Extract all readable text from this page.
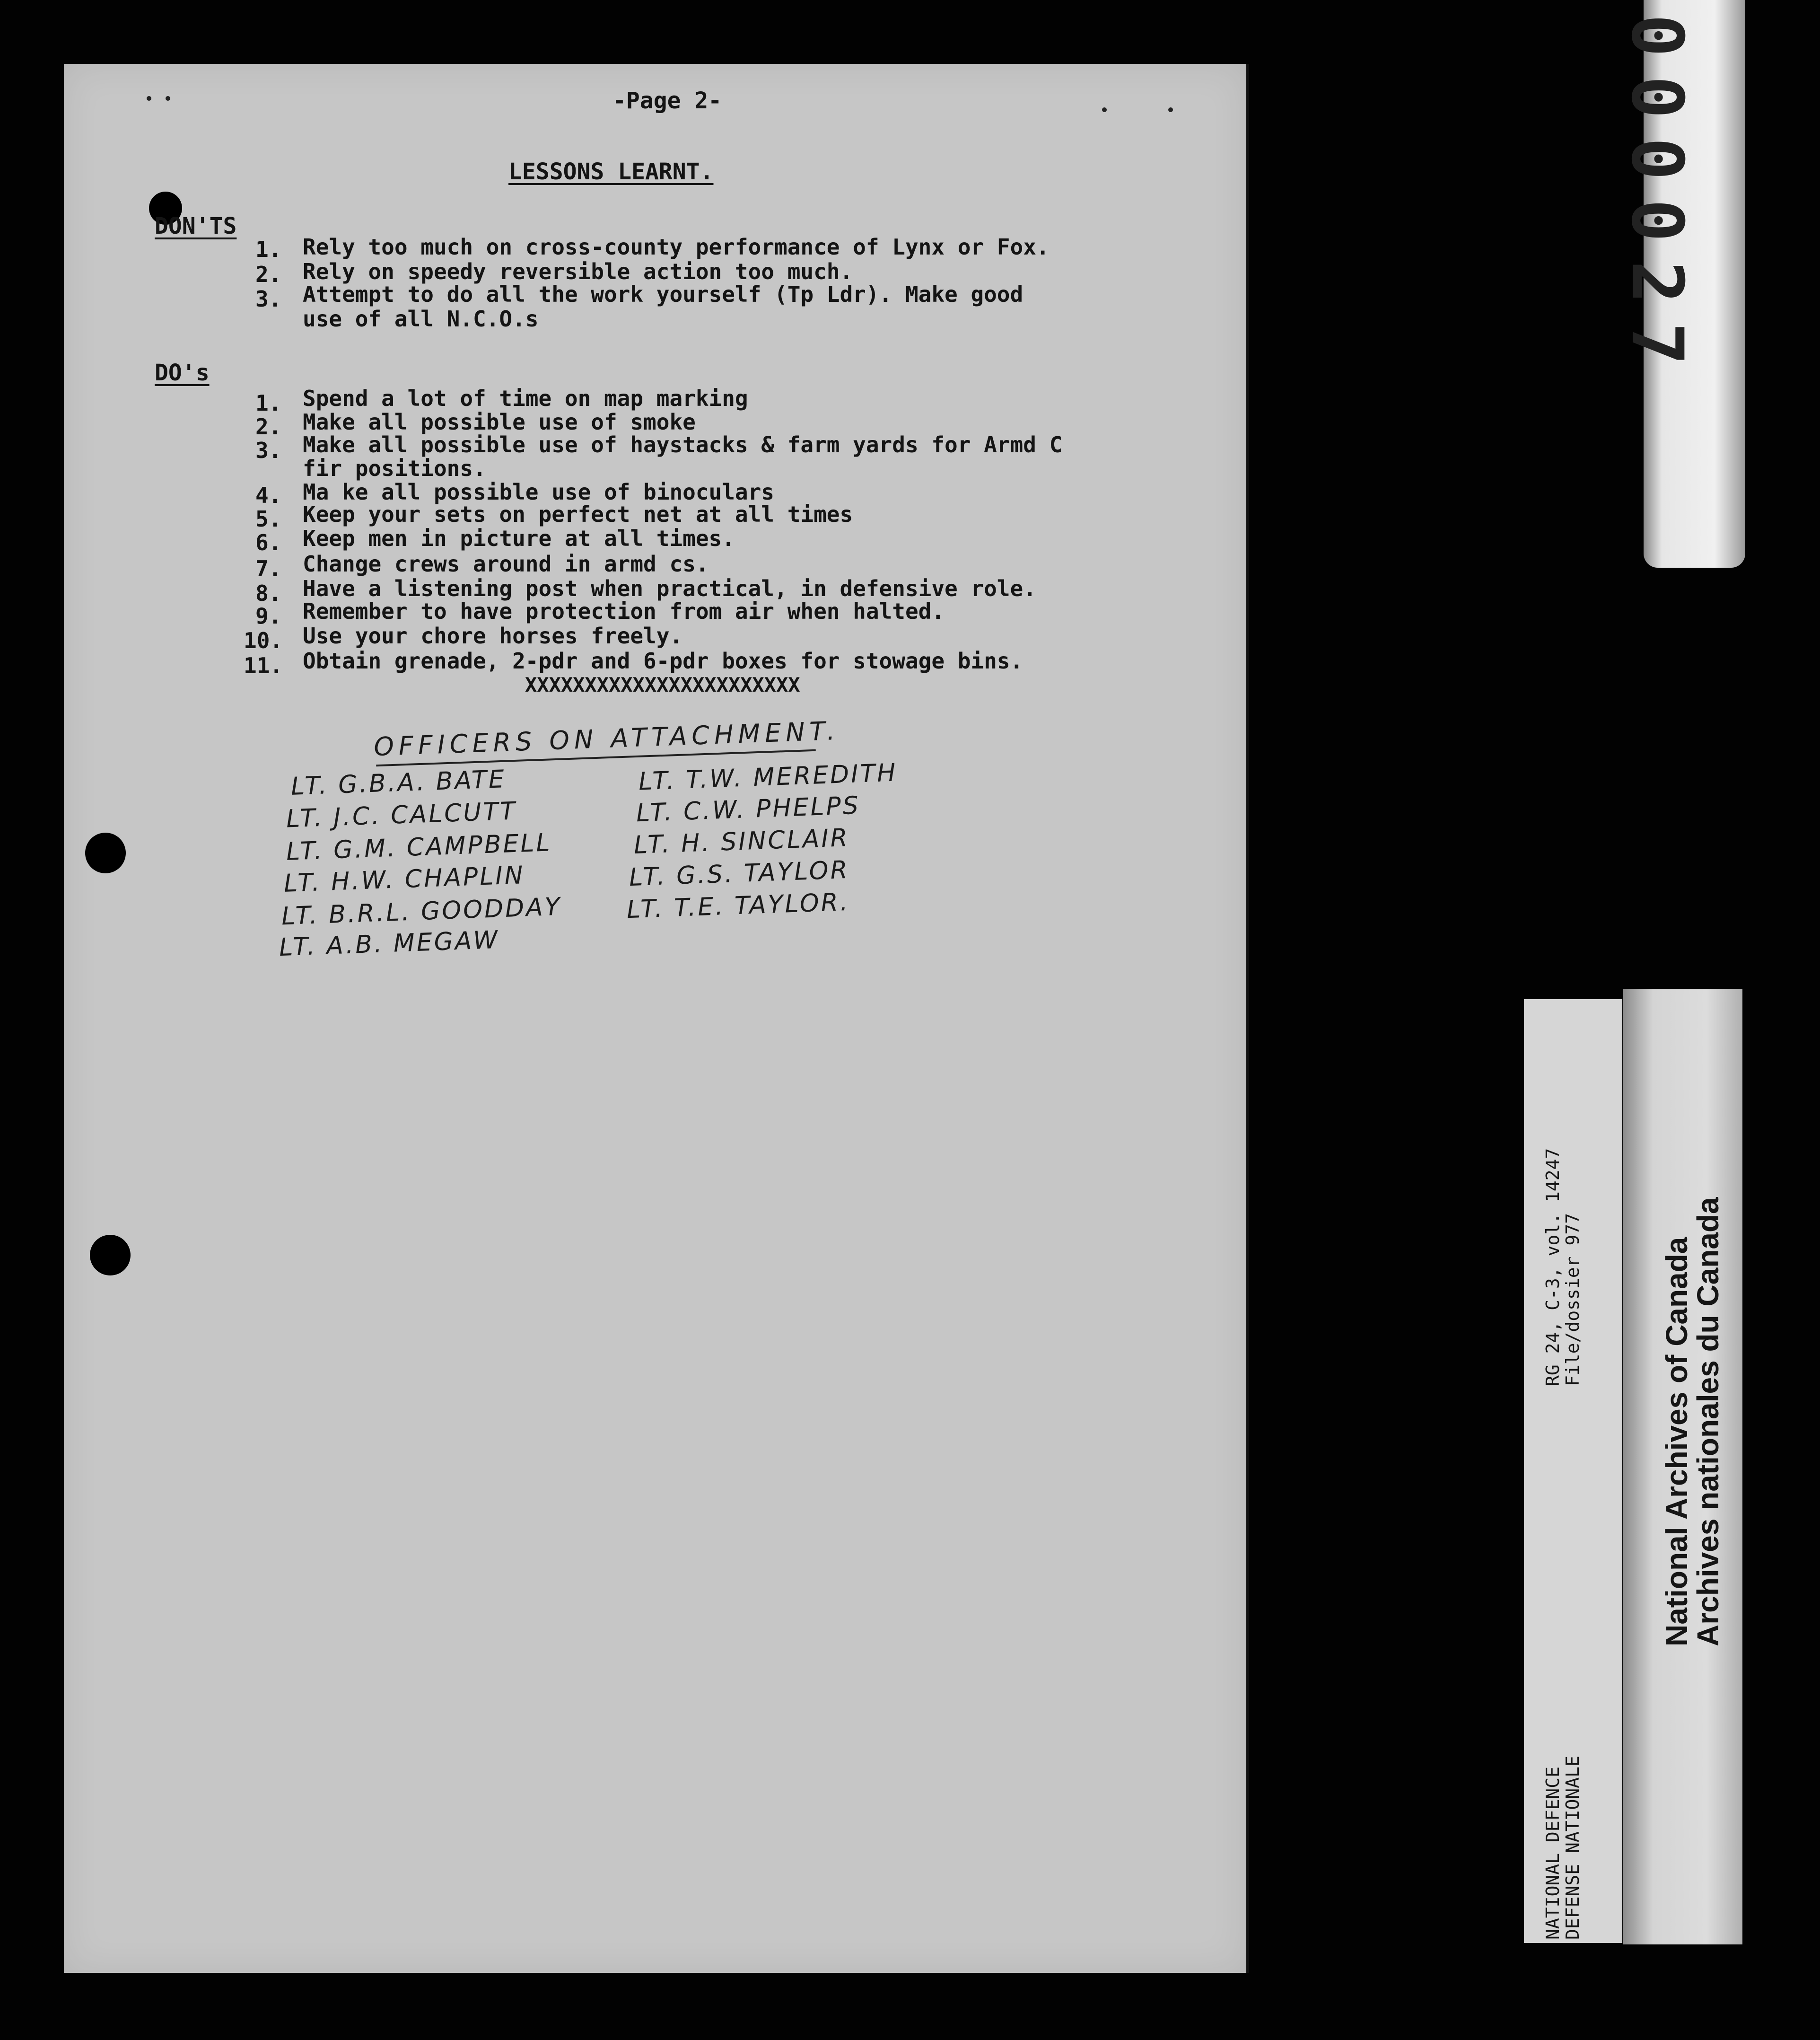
-Page 2-
LESSONS LEARNT.
DON'TS
1. Rely too much on cross-county performance of Lynx or Fox.
2. Rely on speedy reversible action too much.
3. Attempt to do all the work yourself (Tp Ldr). Make good
use of all N.C.O.s
DO's
1. Spend a lot of time on map marking
2. Make all possible use of smoke
3. Make all possible use of haystacks & farm yards for Armd C
fir positions.
4. Ma ke all possible use of binoculars
5. Keep your sets on perfect net at all times
6. Keep men in picture at all times.
7. Change crews around in armd cs.
8. Have a listening post when practical, in defensive role.
9. Remember to have protection from air when halted.
10. Use your chore horses freely.
11. Obtain grenade, 2-pdr and 6-pdr boxes for stowage bins.
XXXXXXXXXXXXXXXXXXXXXXX
OFFICERS ON ATTACHMENT.
LT. G.B.A. BATE
LT. J.C. CALCUTT
LT. G.M. CAMPBELL
LT. H.W. CHAPLIN
LT. B.R.L. GOODDAY
LT. A.B. MEGAW
LT. T.W. MEREDITH
LT. C.W. PHELPS
LT. H. SINCLAIR
LT. G.S. TAYLOR
LT. T.E. TAYLOR.
000027
RG 24, C-3, vol. 14247
File/dossier 977
NATIONAL DEFENCE
DEFENSE NATIONALE
National Archives of Canada
Archives nationales du Canada
